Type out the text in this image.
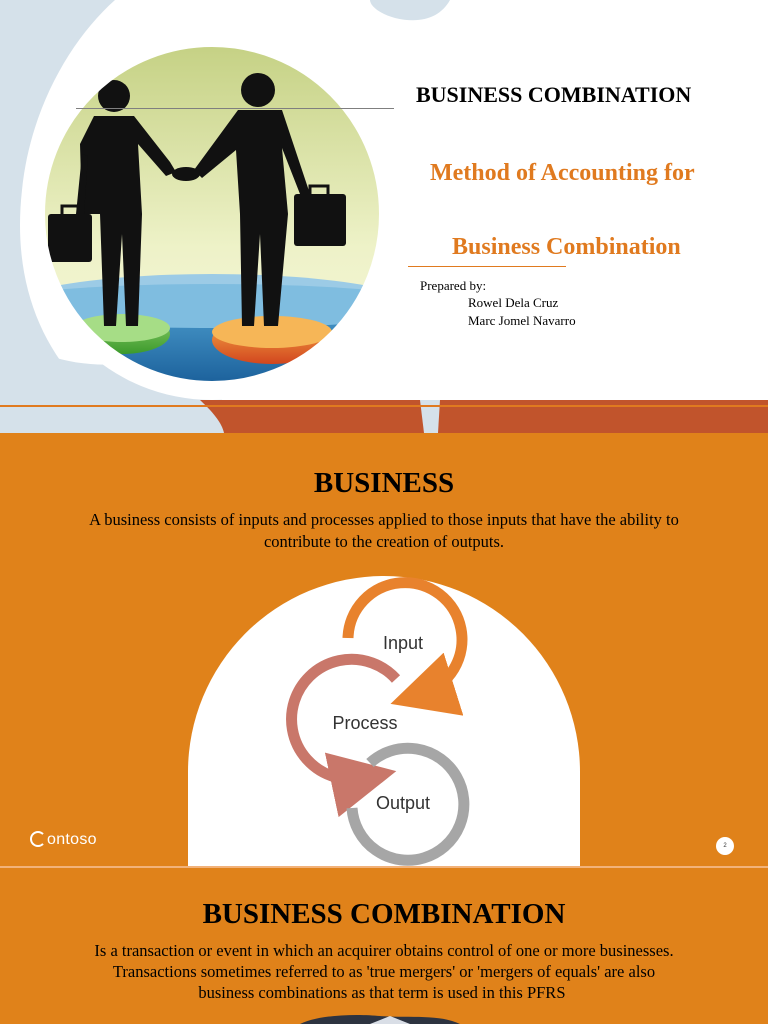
BUSINESS COMBINATION
Method of Accounting for
Business Combination
Prepared by:
Rowel Dela Cruz
Marc Jomel Navarro
BUSINESS
A business consists of inputs and processes applied to those inputs that have the ability to contribute to the creation of outputs.
Input
Process
Output
ontoso	2
BUSINESS COMBINATION
Is a transaction or event in which an acquirer obtains control of one or more businesses. Transactions sometimes referred to as 'true mergers' or 'mergers of equals' are also business combinations as that term is used in this PFRS.
